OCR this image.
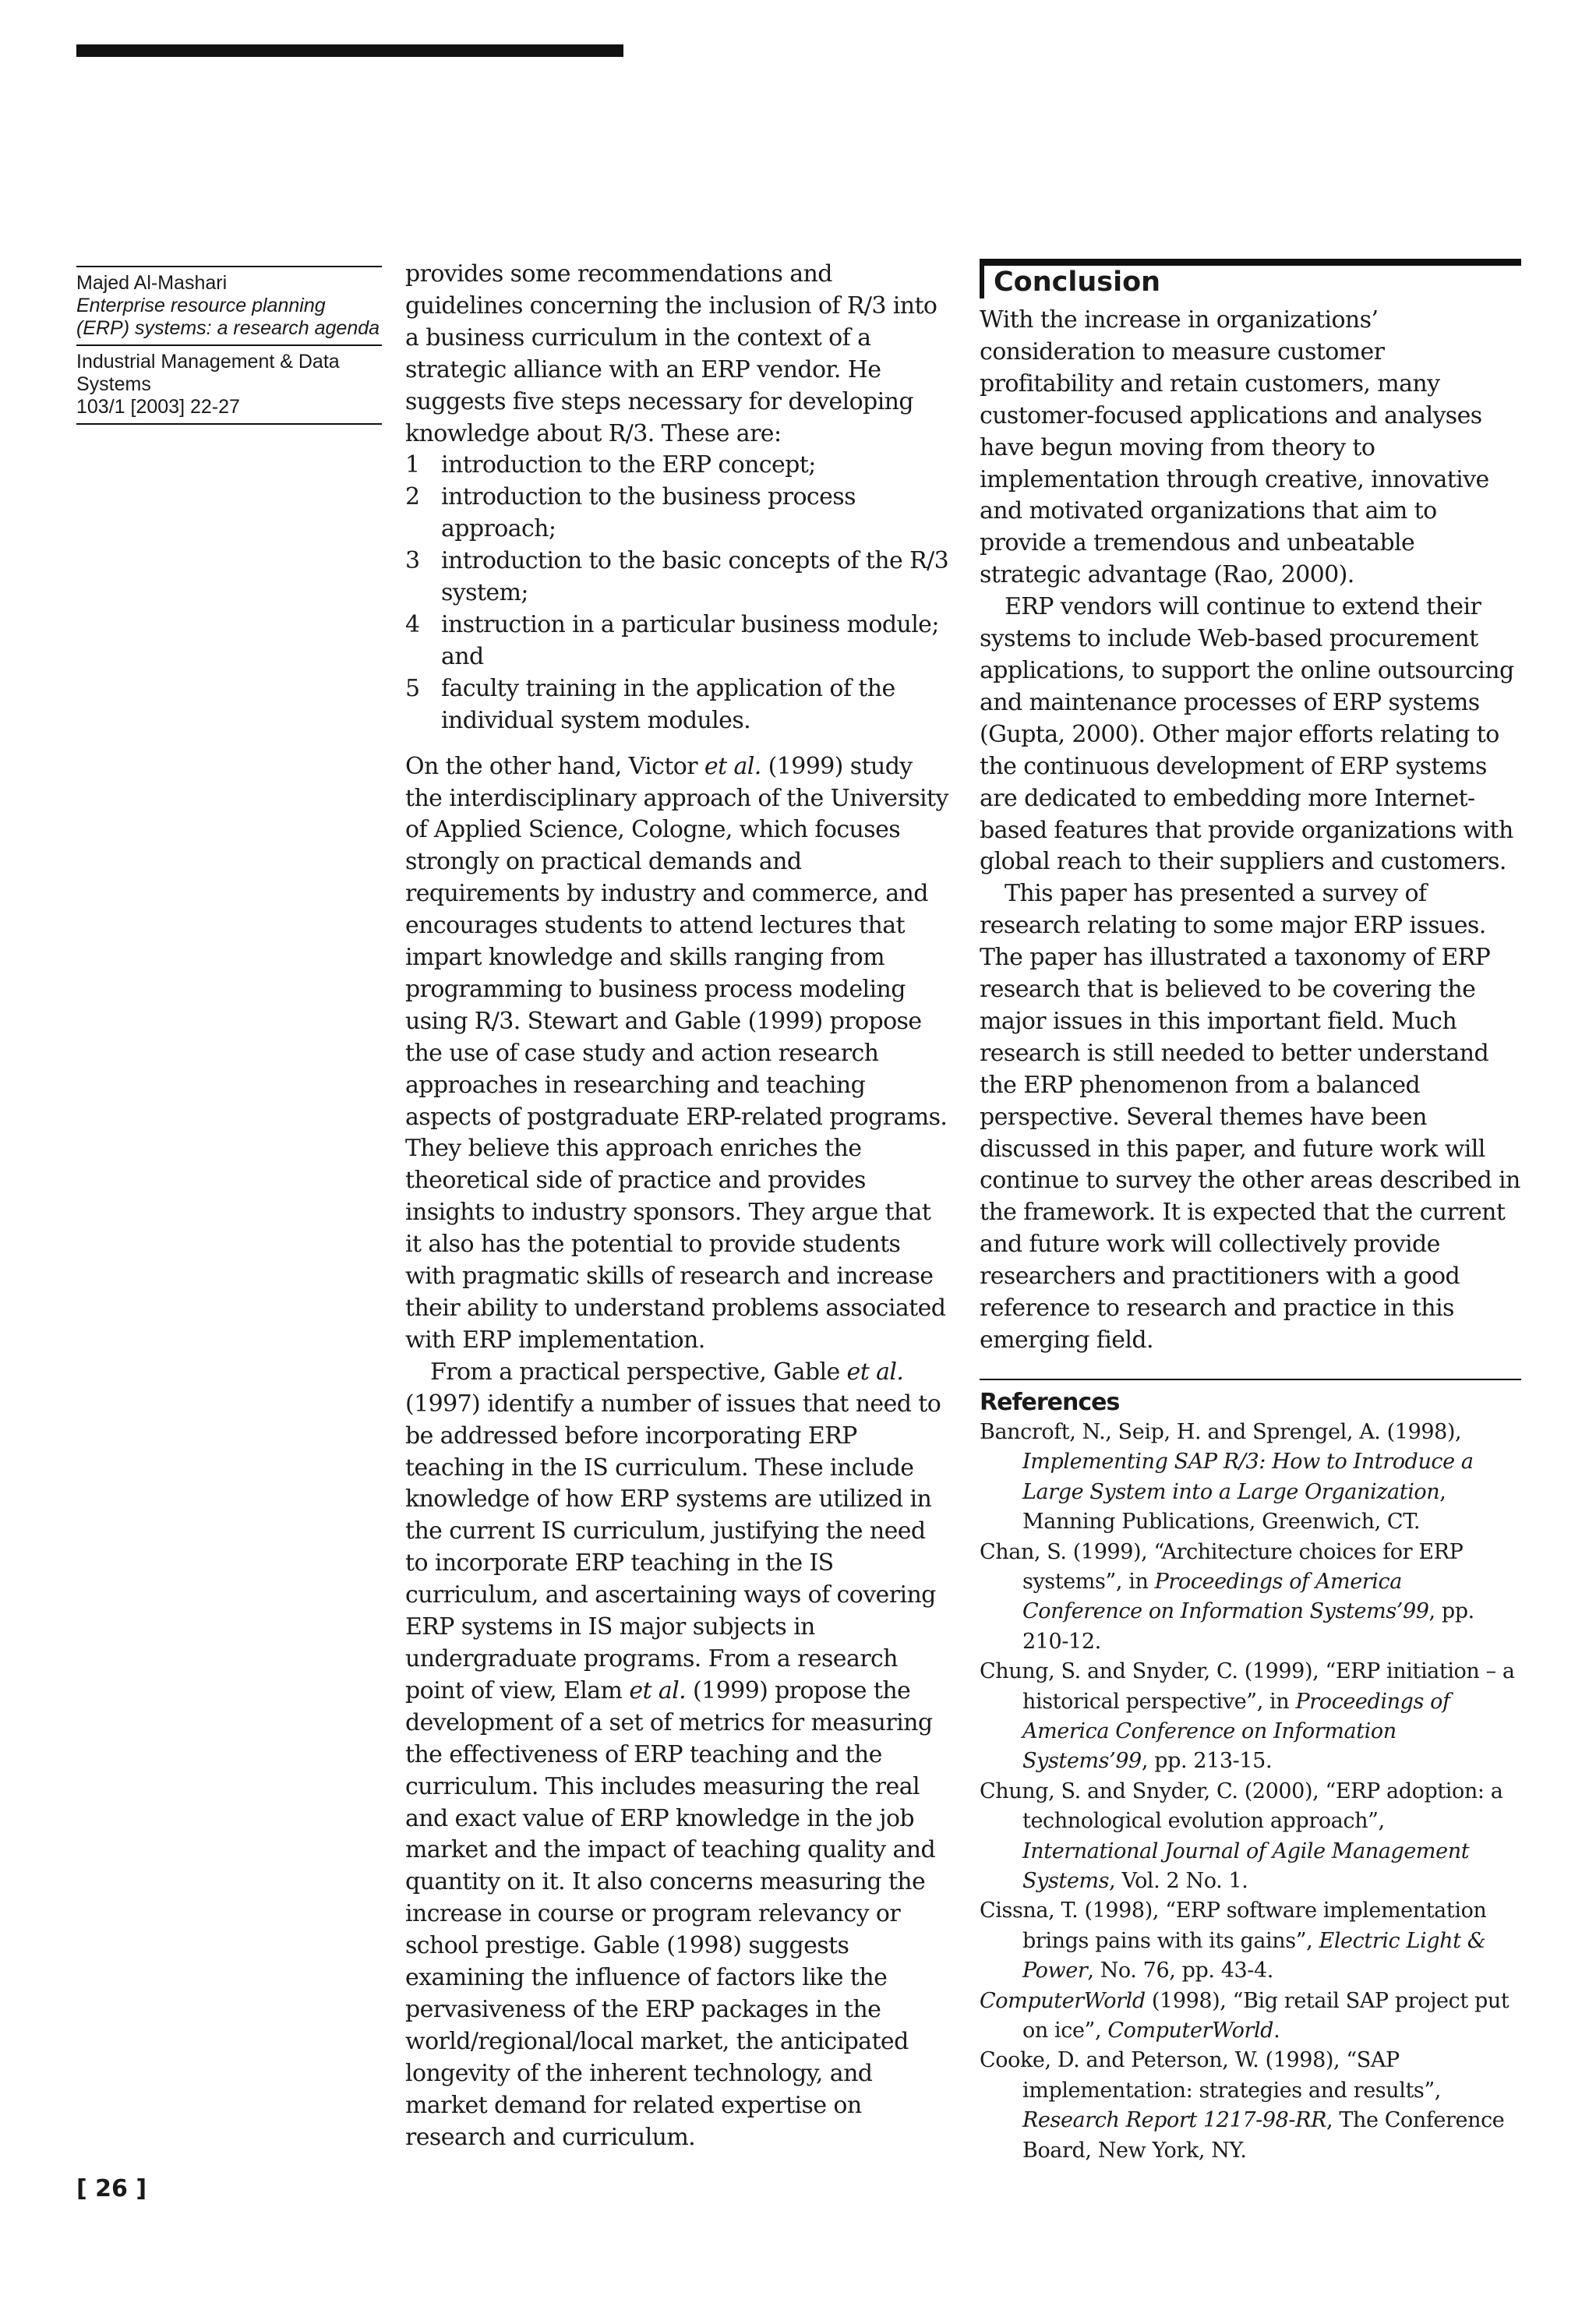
Majed Al-Mashari
Enterprise resource planning (ERP) systems: a research agenda
Industrial Management & Data Systems
103/1 [2003] 22-27

provides some recommendations and guidelines concerning the inclusion of R/3 into a business curriculum in the context of a strategic alliance with an ERP vendor. He suggests five steps necessary for developing knowledge about R/3. These are:

1 introduction to the ERP concept;
2 introduction to the business process approach;
3 introduction to the basic concepts of the R/3 system;
4 instruction in a particular business module; and
5 faculty training in the application of the individual system modules.

On the other hand, Victor et al. (1999) study the interdisciplinary approach of the University of Applied Science, Cologne, which focuses strongly on practical demands and requirements by industry and commerce, and encourages students to attend lectures that impart knowledge and skills ranging from programming to business process modeling using R/3. Stewart and Gable (1999) propose the use of case study and action research approaches in researching and teaching aspects of postgraduate ERP-related programs. They believe this approach enriches the theoretical side of practice and provides insights to industry sponsors. They argue that it also has the potential to provide students with pragmatic skills of research and increase their ability to understand problems associated with ERP implementation.

From a practical perspective, Gable et al. (1997) identify a number of issues that need to be addressed before incorporating ERP teaching in the IS curriculum. These include knowledge of how ERP systems are utilized in the current IS curriculum, justifying the need to incorporate ERP teaching in the IS curriculum, and ascertaining ways of covering ERP systems in IS major subjects in undergraduate programs. From a research point of view, Elam et al. (1999) propose the development of a set of metrics for measuring the effectiveness of ERP teaching and the curriculum. This includes measuring the real and exact value of ERP knowledge in the job market and the impact of teaching quality and quantity on it. It also concerns measuring the increase in course or program relevancy or school prestige. Gable (1998) suggests examining the influence of factors like the pervasiveness of the ERP packages in the world/regional/local market, the anticipated longevity of the inherent technology, and market demand for related expertise on research and curriculum.

Conclusion

With the increase in organizations’ consideration to measure customer profitability and retain customers, many customer-focused applications and analyses have begun moving from theory to implementation through creative, innovative and motivated organizations that aim to provide a tremendous and unbeatable strategic advantage (Rao, 2000).

ERP vendors will continue to extend their systems to include Web-based procurement applications, to support the online outsourcing and maintenance processes of ERP systems (Gupta, 2000). Other major efforts relating to the continuous development of ERP systems are dedicated to embedding more Internet-based features that provide organizations with global reach to their suppliers and customers.

This paper has presented a survey of research relating to some major ERP issues. The paper has illustrated a taxonomy of ERP research that is believed to be covering the major issues in this important field. Much research is still needed to better understand the ERP phenomenon from a balanced perspective. Several themes have been discussed in this paper, and future work will continue to survey the other areas described in the framework. It is expected that the current and future work will collectively provide researchers and practitioners with a good reference to research and practice in this emerging field.

References
Bancroft, N., Seip, H. and Sprengel, A. (1998), Implementing SAP R/3: How to Introduce a Large System into a Large Organization, Manning Publications, Greenwich, CT.
Chan, S. (1999), “Architecture choices for ERP systems”, in Proceedings of America Conference on Information Systems’99, pp. 210-12.
Chung, S. and Snyder, C. (1999), “ERP initiation – a historical perspective”, in Proceedings of America Conference on Information Systems’99, pp. 213-15.
Chung, S. and Snyder, C. (2000), “ERP adoption: a technological evolution approach”, International Journal of Agile Management Systems, Vol. 2 No. 1.
Cissna, T. (1998), “ERP software implementation brings pains with its gains”, Electric Light & Power, No. 76, pp. 43-4.
ComputerWorld (1998), “Big retail SAP project put on ice”, ComputerWorld.
Cooke, D. and Peterson, W. (1998), “SAP implementation: strategies and results”, Research Report 1217-98-RR, The Conference Board, New York, NY.
[ 26 ]
